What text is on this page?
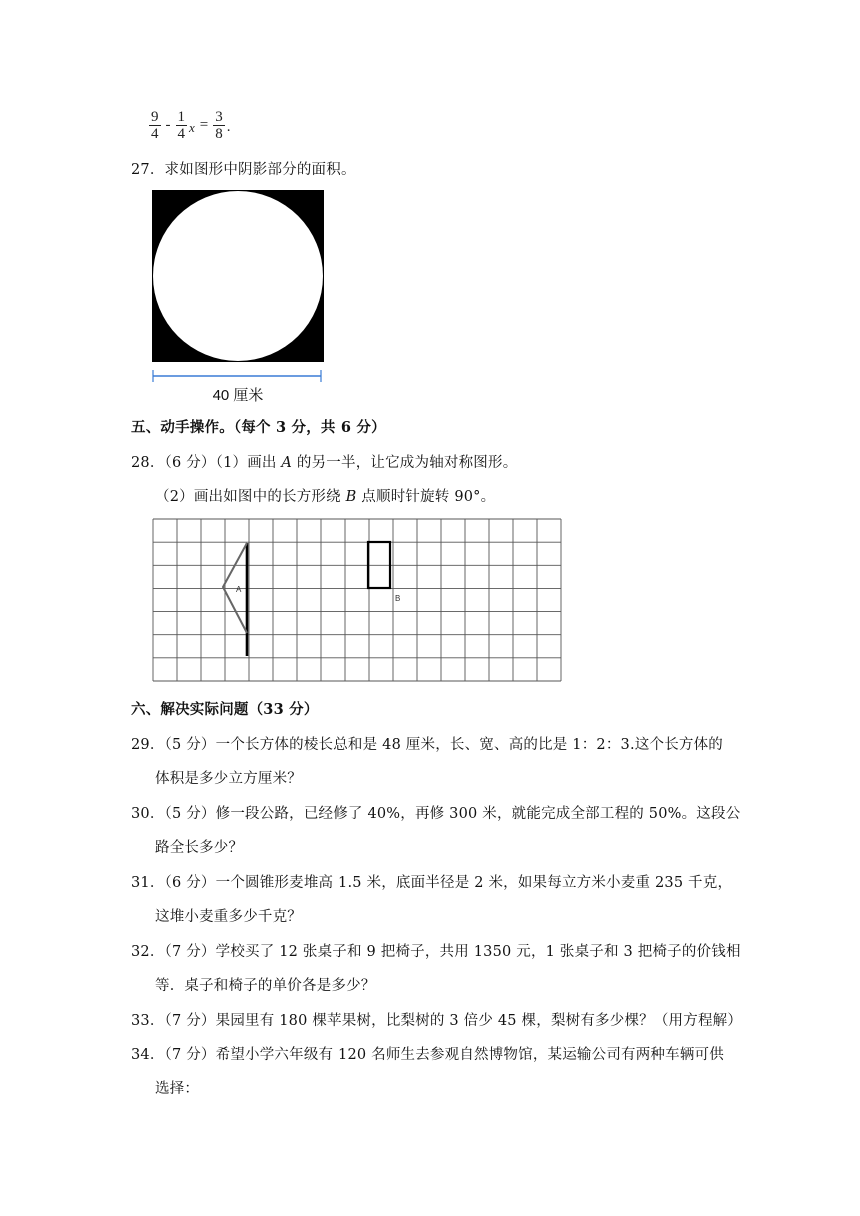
$\frac{9}{4} - \frac{1}{4}$ $x = \frac{3}{8}$ .
27．求如图形中阴影部分的面积。
40 厘米
五、动手操作。（每个 3 分，共 6 分）
28．（6 分）（1）画出 A 的另一半，让它成为轴对称图形。
（2）画出如图中的长方形绕 B 点顺时针旋转 90°。
A
B
六、解决实际问题（33 分）
29．（5 分）一个长方体的棱长总和是 48 厘米，长、宽、高的比是 1：2：3.这个长方体的
体积是多少立方厘米？
30．（5 分）修一段公路，已经修了 40%，再修 300 米，就能完成全部工程的 50%。这段公
路全长多少？
31．（6 分）一个圆锥形麦堆高 1.5 米，底面半径是 2 米，如果每立方米小麦重 235 千克，
这堆小麦重多少千克？
32．（7 分）学校买了 12 张桌子和 9 把椅子，共用 1350 元，1 张桌子和 3 把椅子的价钱相
等．桌子和椅子的单价各是多少？
33．（7 分）果园里有 180 棵苹果树，比梨树的 3 倍少 45 棵，梨树有多少棵？（用方程解）
34．（7 分）希望小学六年级有 120 名师生去参观自然博物馆，某运输公司有两种车辆可供
选择：
